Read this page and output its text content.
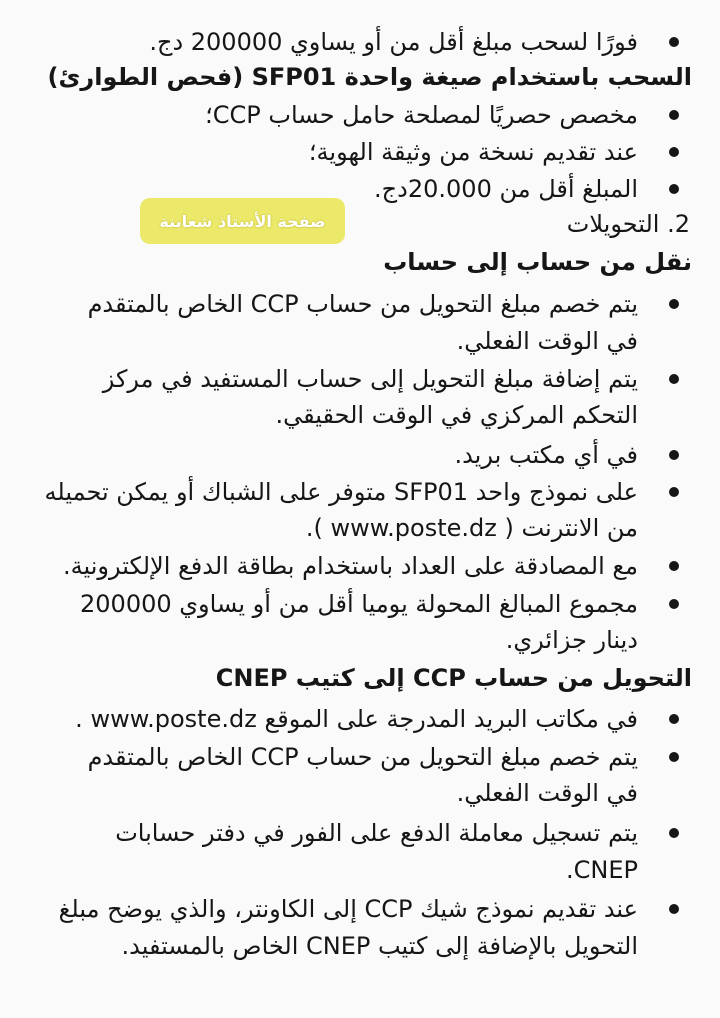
فورًا لسحب مبلغ أقل من أو يساوي 200000 دج.
السحب باستخدام صيغة واحدة SFP01 (فحص الطوارئ)
مخصص حصريًا لمصلحة حامل حساب CCP؛
عند تقديم نسخة من وثيقة الهوية؛
المبلغ أقل من 20.000دج.
2. التحويلات
نقل من حساب إلى حساب
يتم خصم مبلغ التحويل من حساب CCP الخاص بالمتقدم
في الوقت الفعلي.
يتم إضافة مبلغ التحويل إلى حساب المستفيد في مركز
التحكم المركزي في الوقت الحقيقي.
في أي مكتب بريد.
على نموذج واحد SFP01 متوفر على الشباك أو يمكن تحميله
من الانترنت ( www.poste.dz ).
مع المصادقة على العداد باستخدام بطاقة الدفع الإلكترونية.
مجموع المبالغ المحولة يوميا أقل من أو يساوي 200000
دينار جزائري.
التحويل من حساب CCP إلى كتيب CNEP
في مكاتب البريد المدرجة على الموقع www.poste.dz .
يتم خصم مبلغ التحويل من حساب CCP الخاص بالمتقدم
في الوقت الفعلي.
يتم تسجيل معاملة الدفع على الفور في دفتر حسابات
CNEP.
عند تقديم نموذج شيك CCP إلى الكاونتر، والذي يوضح مبلغ
التحويل بالإضافة إلى كتيب CNEP الخاص بالمستفيد.
صفحة الأستاذ شعابنة
